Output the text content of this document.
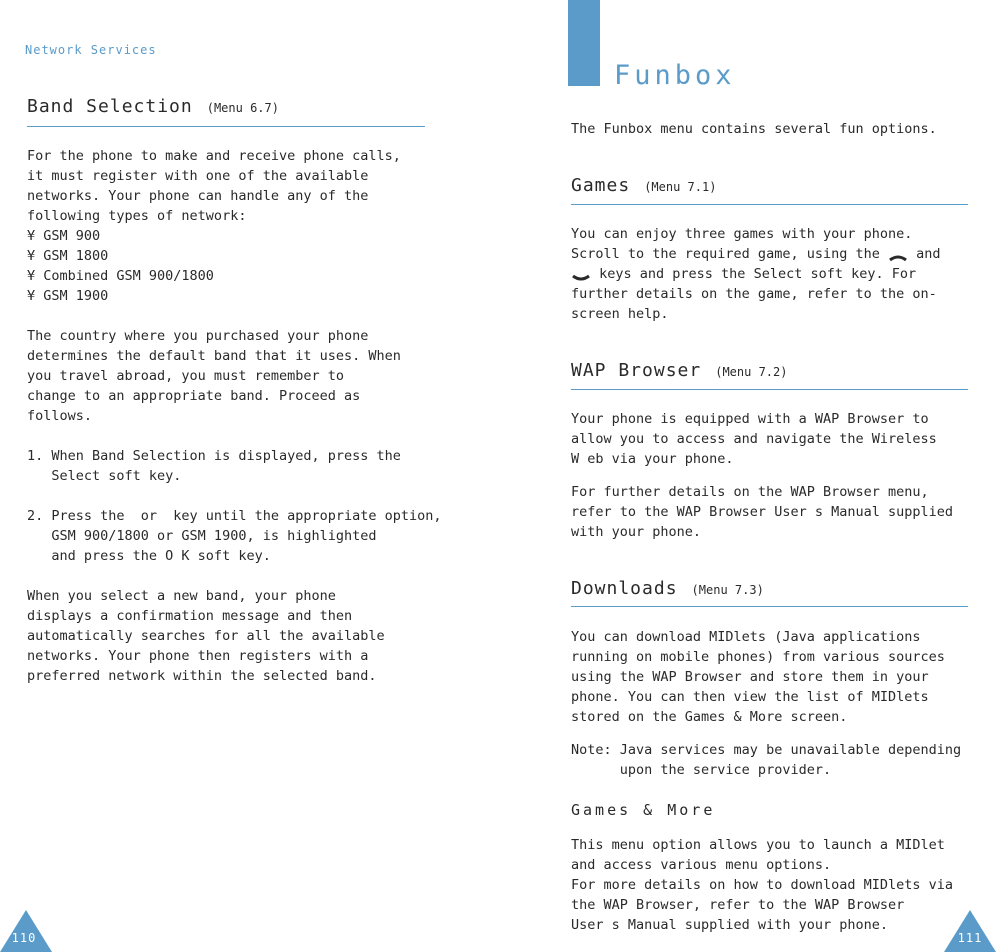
Network Services
Band Selection (Menu 6.7)
For the phone to make and receive phone calls,
it must register with one of the available
networks. Your phone can handle any of the
following types of network:
¥ GSM 900
¥ GSM 1800
¥ Combined GSM 900/1800
¥ GSM 1900
The country where you purchased your phone
determines the default band that it uses. When
you travel abroad, you must remember to
change to an appropriate band. Proceed as
follows.
1. When Band Selection is displayed, press the
Select soft key.
2. Press the  or  key until the appropriate option,
GSM 900/1800 or GSM 1900, is highlighted
and press the O K soft key.
When you select a new band, your phone
displays a confirmation message and then
automatically searches for all the available
networks. Your phone then registers with a
preferred network within the selected band.
110
Funbox
The Funbox menu contains several fun options.
Games (Menu 7.1)
You can enjoy three games with your phone.
Scroll to the required game, using the	and
keys and press the Select soft key. For
further details on the game, refer to the on-
screen help.
WAP Browser (Menu 7.2)
Your phone is equipped with a WAP Browser to
allow you to access and navigate the Wireless
W eb via your phone.
For further details on the WAP Browser menu,
refer to the WAP Browser User s Manual supplied
with your phone.
Downloads (Menu 7.3)
You can download MIDlets (Java applications
running on mobile phones) from various sources
using the WAP Browser and store them in your
phone. You can then view the list of MIDlets
stored on the Games & More screen.
Note: Java services may be unavailable depending
upon the service provider.
Games & More
This menu option allows you to launch a MIDlet
and access various menu options.
For more details on how to download MIDlets via
the WAP Browser, refer to the WAP Browser
User s Manual supplied with your phone.
111
